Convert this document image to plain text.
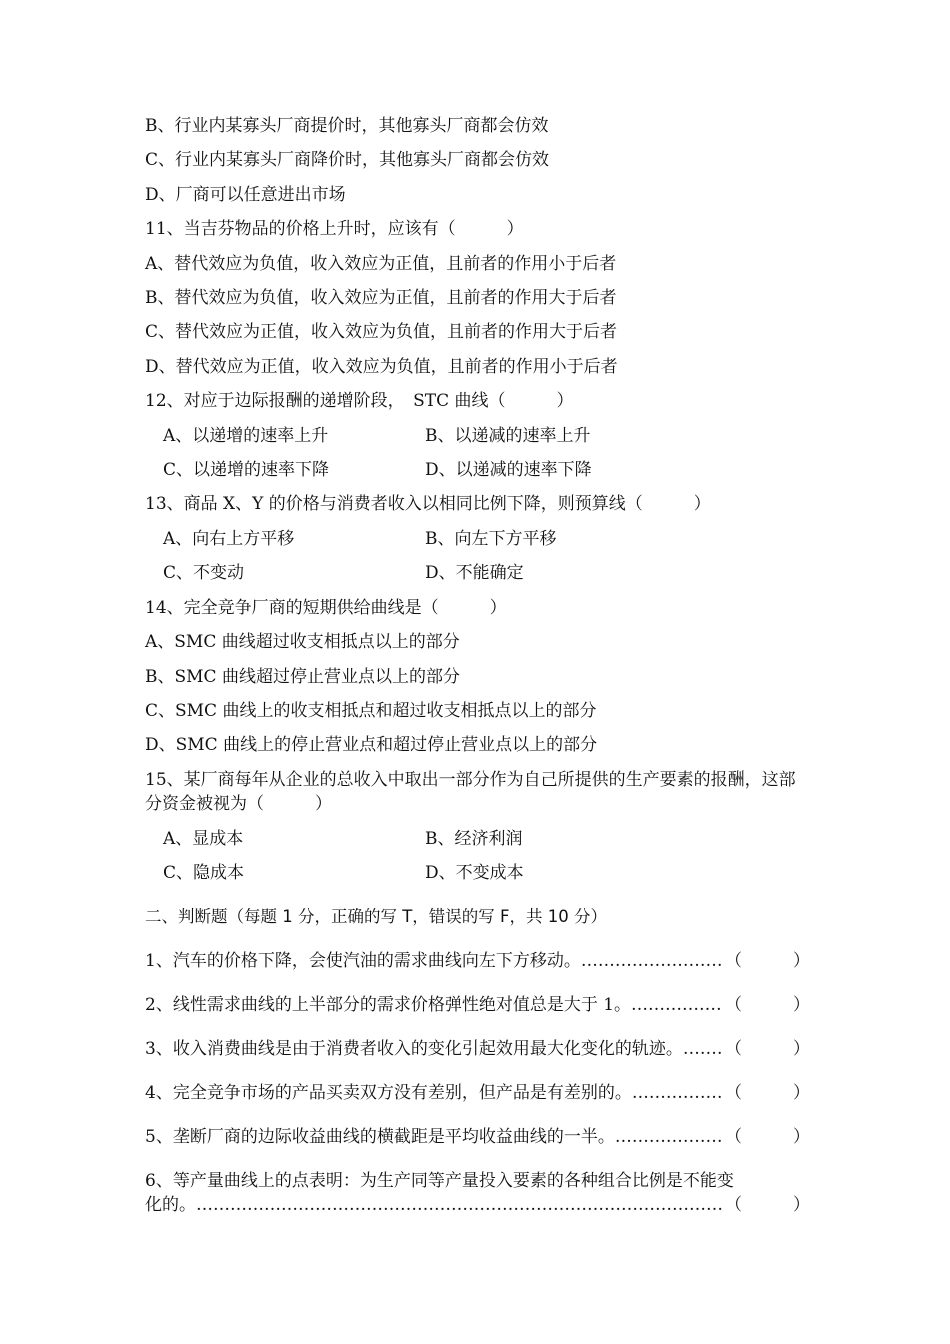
B、行业内某寡头厂商提价时，其他寡头厂商都会仿效
C、行业内某寡头厂商降价时，其他寡头厂商都会仿效
D、厂商可以任意进出市场
11、当吉芬物品的价格上升时，应该有（　　　）
A、替代效应为负值，收入效应为正值，且前者的作用小于后者
B、替代效应为负值，收入效应为正值，且前者的作用大于后者
C、替代效应为正值，收入效应为负值，且前者的作用大于后者
D、替代效应为正值，收入效应为负值，且前者的作用小于后者
12、对应于边际报酬的递增阶段，　STC 曲线（　　　）
A、以递增的速率上升	B、以递减的速率上升
C、以递增的速率下降	D、以递减的速率下降
13、商品 X、Y 的价格与消费者收入以相同比例下降，则预算线（　　　）
A、向右上方平移	B、向左下方平移
C、不变动	D、不能确定
14、完全竞争厂商的短期供给曲线是（　　　）
A、SMC 曲线超过收支相抵点以上的部分
B、SMC 曲线超过停止营业点以上的部分
C、SMC 曲线上的收支相抵点和超过收支相抵点以上的部分
D、SMC 曲线上的停止营业点和超过停止营业点以上的部分
15、某厂商每年从企业的总收入中取出一部分作为自己所提供的生产要素的报酬，这部分资金被视为（　　　）
A、显成本	B、经济利润
C、隐成本	D、不变成本
二、判断题（每题 1 分，正确的写 T，错误的写 F，共 10 分）
1、汽车的价格下降，会使汽油的需求曲线向左下方移动。 …………………………………………………………………………………………………………………………	（　　　）
2、线性需求曲线的上半部分的需求价格弹性绝对值总是大于 1。 …………………………………………………………………………………………………………………………	（　　　）
3、收入消费曲线是由于消费者收入的变化引起效用最大化变化的轨迹。 ………………………………………………………………………………………………………………………… （　　　）
4、完全竞争市场的产品买卖双方没有差别，但产品是有差别的。 …………………………………………………………………………………………………………………………	（　　　）
5、垄断厂商的边际收益曲线的横截距是平均收益曲线的一半。 …………………………………………………………………………………………………………………………	（　　　）
6、等产量曲线上的点表明：为生产同等产量投入要素的各种组合比例是不能变
化的。 …………………………………………………………………………………………………………………………	（　　　）
